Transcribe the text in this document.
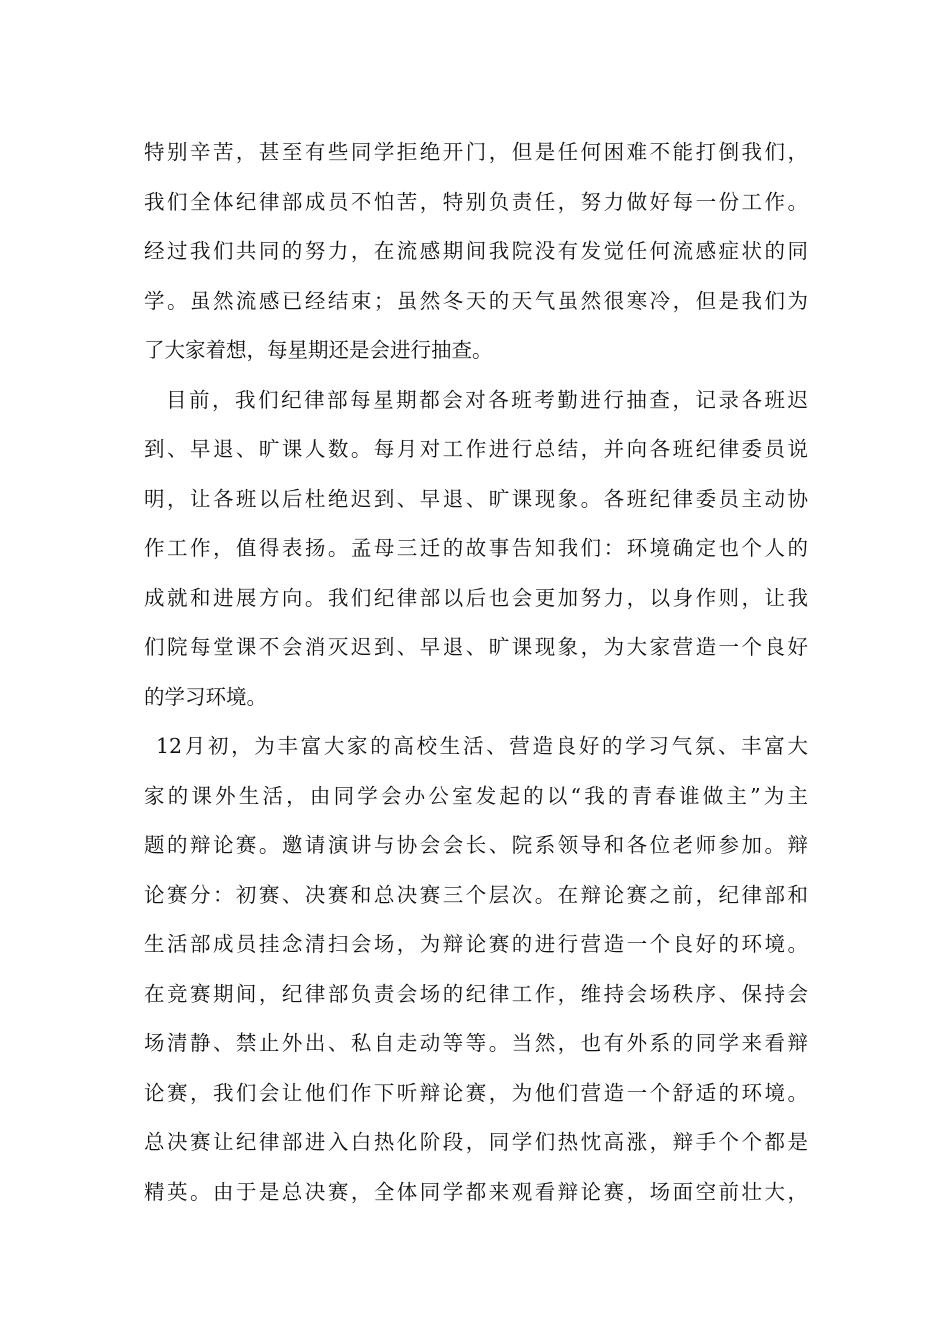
特别辛苦，甚至有些同学拒绝开门，但是任何困难不能打倒我们，
我们全体纪律部成员不怕苦，特别负责任，努力做好每一份工作。
经过我们共同的努力，在流感期间我院没有发觉任何流感症状的同
学。虽然流感已经结束；虽然冬天的天气虽然很寒冷，但是我们为
了大家着想，每星期还是会进行抽查。
目前，我们纪律部每星期都会对各班考勤进行抽查，记录各班迟
到、早退、旷课人数。每月对工作进行总结，并向各班纪律委员说
明，让各班以后杜绝迟到、早退、旷课现象。各班纪律委员主动协
作工作，值得表扬。孟母三迁的故事告知我们：环境确定也个人的
成就和进展方向。我们纪律部以后也会更加努力，以身作则，让我
们院每堂课不会消灭迟到、早退、旷课现象，为大家营造一个良好
的学习环境。
12月初，为丰富大家的高校生活、营造良好的学习气氛、丰富大
家的课外生活，由同学会办公室发起的以“我的青春谁做主”为主
题的辩论赛。邀请演讲与协会会长、院系领导和各位老师参加。辩
论赛分：初赛、决赛和总决赛三个层次。在辩论赛之前，纪律部和
生活部成员挂念清扫会场，为辩论赛的进行营造一个良好的环境。
在竞赛期间，纪律部负责会场的纪律工作，维持会场秩序、保持会
场清静、禁止外出、私自走动等等。当然，也有外系的同学来看辩
论赛，我们会让他们作下听辩论赛，为他们营造一个舒适的环境。
总决赛让纪律部进入白热化阶段，同学们热忱高涨，辩手个个都是
精英。由于是总决赛，全体同学都来观看辩论赛，场面空前壮大，
